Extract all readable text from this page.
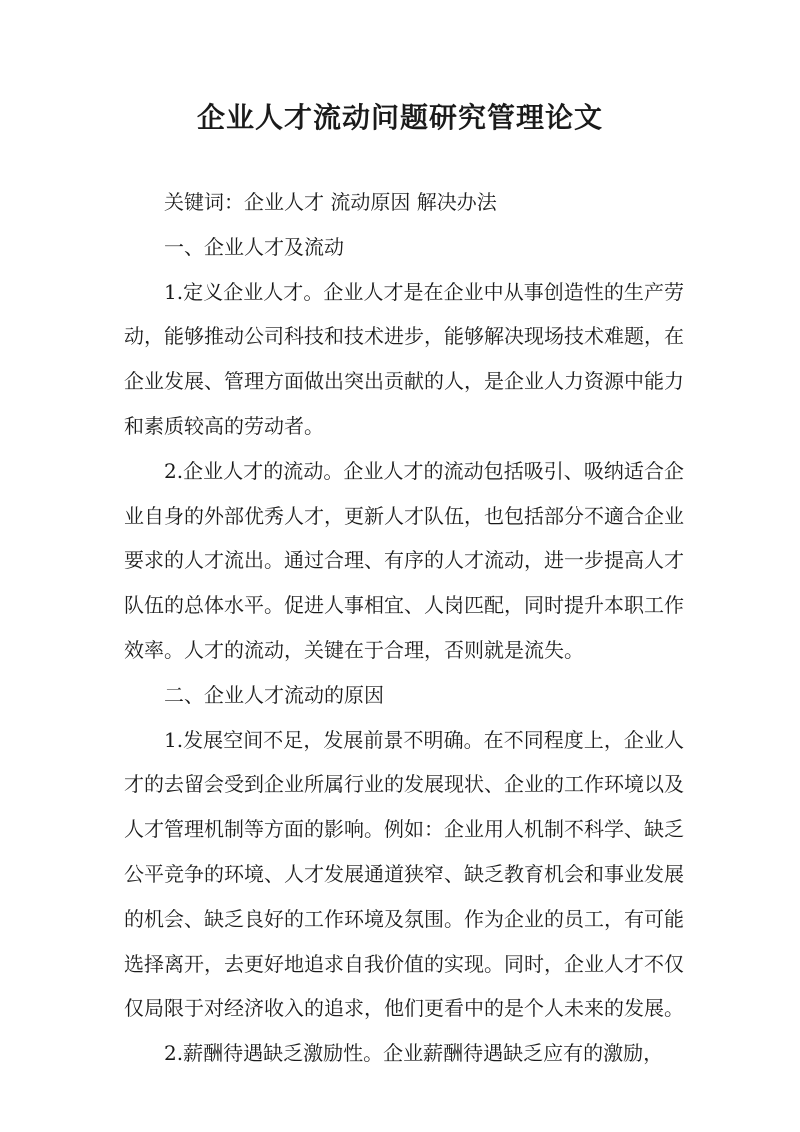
企业人才流动问题研究管理论文

关键词：企业人才 流动原因 解决办法

一、企业人才及流动

1.定义企业人才。企业人才是在企业中从事创造性的生产劳动，能够推动公司科技和技术进步，能够解决现场技术难题，在企业发展、管理方面做出突出贡献的人，是企业人力资源中能力和素质较高的劳动者。

2.企业人才的流动。企业人才的流动包括吸引、吸纳适合企业自身的外部优秀人才，更新人才队伍，也包括部分不適合企业要求的人才流出。通过合理、有序的人才流动，进一步提高人才队伍的总体水平。促进人事相宜、人岗匹配，同时提升本职工作效率。人才的流动，关键在于合理，否则就是流失。

二、企业人才流动的原因

1.发展空间不足，发展前景不明确。在不同程度上，企业人才的去留会受到企业所属行业的发展现状、企业的工作环境以及人才管理机制等方面的影响。例如：企业用人机制不科学、缺乏公平竞争的环境、人才发展通道狭窄、缺乏教育机会和事业发展的机会、缺乏良好的工作环境及氛围。作为企业的员工，有可能选择离开，去更好地追求自我价值的实现。同时，企业人才不仅仅局限于对经济收入的追求，他们更看中的是个人未来的发展。

2.薪酬待遇缺乏激励性。企业薪酬待遇缺乏应有的激励，
